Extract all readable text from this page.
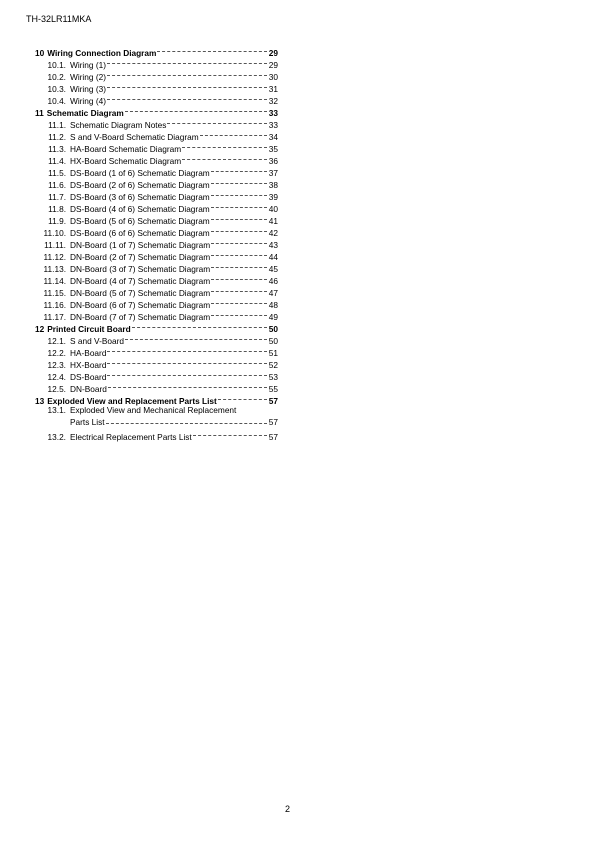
TH-32LR11MKA
10 Wiring Connection Diagram	29
10.1. Wiring (1)	29
10.2. Wiring (2)	30
10.3. Wiring (3)	31
10.4. Wiring (4)	32
11 Schematic Diagram	33
11.1. Schematic Diagram Notes	33
11.2. S and V-Board Schematic Diagram	34
11.3. HA-Board Schematic Diagram	35
11.4. HX-Board Schematic Diagram	36
11.5. DS-Board (1 of 6) Schematic Diagram	37
11.6. DS-Board (2 of 6) Schematic Diagram	38
11.7. DS-Board (3 of 6) Schematic Diagram	39
11.8. DS-Board (4 of 6) Schematic Diagram	40
11.9. DS-Board (5 of 6) Schematic Diagram	41
11.10. DS-Board (6 of 6) Schematic Diagram	42
11.11. DN-Board (1 of 7) Schematic Diagram	43
11.12. DN-Board (2 of 7) Schematic Diagram	44
11.13. DN-Board (3 of 7) Schematic Diagram	45
11.14. DN-Board (4 of 7) Schematic Diagram	46
11.15. DN-Board (5 of 7) Schematic Diagram	47
11.16. DN-Board (6 of 7) Schematic Diagram	48
11.17. DN-Board (7 of 7) Schematic Diagram	49
12 Printed Circuit Board	50
12.1. S and V-Board	50
12.2. HA-Board	51
12.3. HX-Board	52
12.4. DS-Board	53
12.5. DN-Board	55
13 Exploded View and Replacement Parts List	57
13.1. Exploded View and Mechanical Replacement
Parts List	57
13.2. Electrical Replacement Parts List	57
2
